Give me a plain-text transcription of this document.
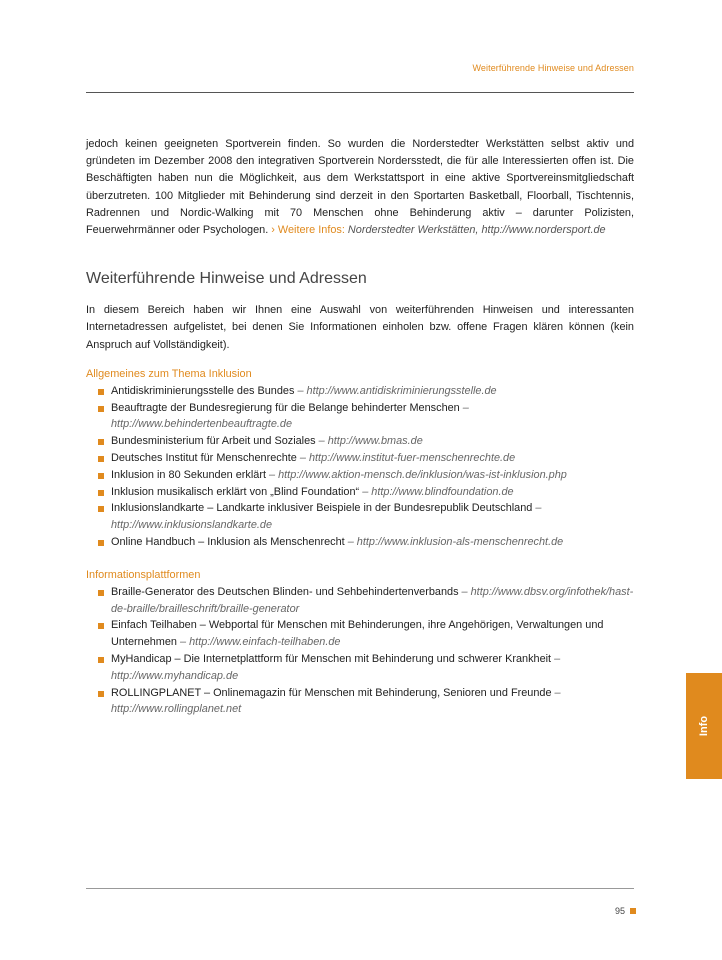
Weiterführende Hinweise und Adressen

jedoch keinen geeigneten Sportverein finden. So wurden die Norderstedter Werkstätten selbst aktiv und gründeten im Dezember 2008 den integrativen Sportverein Nordersstedt, die für alle Interessierten offen ist. Die Beschäftigten haben nun die Möglichkeit, aus dem Werkstattsport in eine aktive Sportvereinsmitgliedschaft überzutreten. 100 Mitglieder mit Behinderung sind derzeit in den Sportarten Basketball, Floorball, Tischtennis, Radrennen und Nordic-Walking mit 70 Menschen ohne Behinderung aktiv – darunter Polizisten, Feuerwehrmänner oder Psychologen. › Weitere Infos: Norderstedter Werkstätten, http://www.nordersport.de

Weiterführende Hinweise und Adressen

In diesem Bereich haben wir Ihnen eine Auswahl von weiterführenden Hinweisen und interessanten Internetadressen aufgelistet, bei denen Sie Informationen einholen bzw. offene Fragen klären können (kein Anspruch auf Vollständigkeit).

Allgemeines zum Thema Inklusion
Antidiskriminierungsstelle des Bundes – http://www.antidiskriminierungsstelle.de
Beauftragte der Bundesregierung für die Belange behinderter Menschen – http://www.behindertenbeauftragte.de
Bundesministerium für Arbeit und Soziales – http://www.bmas.de
Deutsches Institut für Menschenrechte – http://www.institut-fuer-menschenrechte.de
Inklusion in 80 Sekunden erklärt – http://www.aktion-mensch.de/inklusion/was-ist-inklusion.php
Inklusion musikalisch erklärt von „Blind Foundation“ – http://www.blindfoundation.de
Inklusionslandkarte – Landkarte inklusiver Beispiele in der Bundesrepublik Deutschland – http://www.inklusionslandkarte.de
Online Handbuch – Inklusion als Menschenrecht – http://www.inklusion-als-menschenrecht.de
Informationsplattformen
Braille-Generator des Deutschen Blinden- und Sehbehindertenverbands – http://www.dbsv.org/infothek/hast-de-braille/brailleschrift/braille-generator
Einfach Teilhaben – Webportal für Menschen mit Behinderungen, ihre Angehörigen, Verwaltungen und Unternehmen – http://www.einfach-teilhaben.de
MyHandicap – Die Internetplattform für Menschen mit Behinderung und schwerer Krankheit – http://www.myhandicap.de
ROLLINGPLANET – Onlinemagazin für Menschen mit Behinderung, Senioren und Freunde – http://www.rollingplanet.net
Info
95
